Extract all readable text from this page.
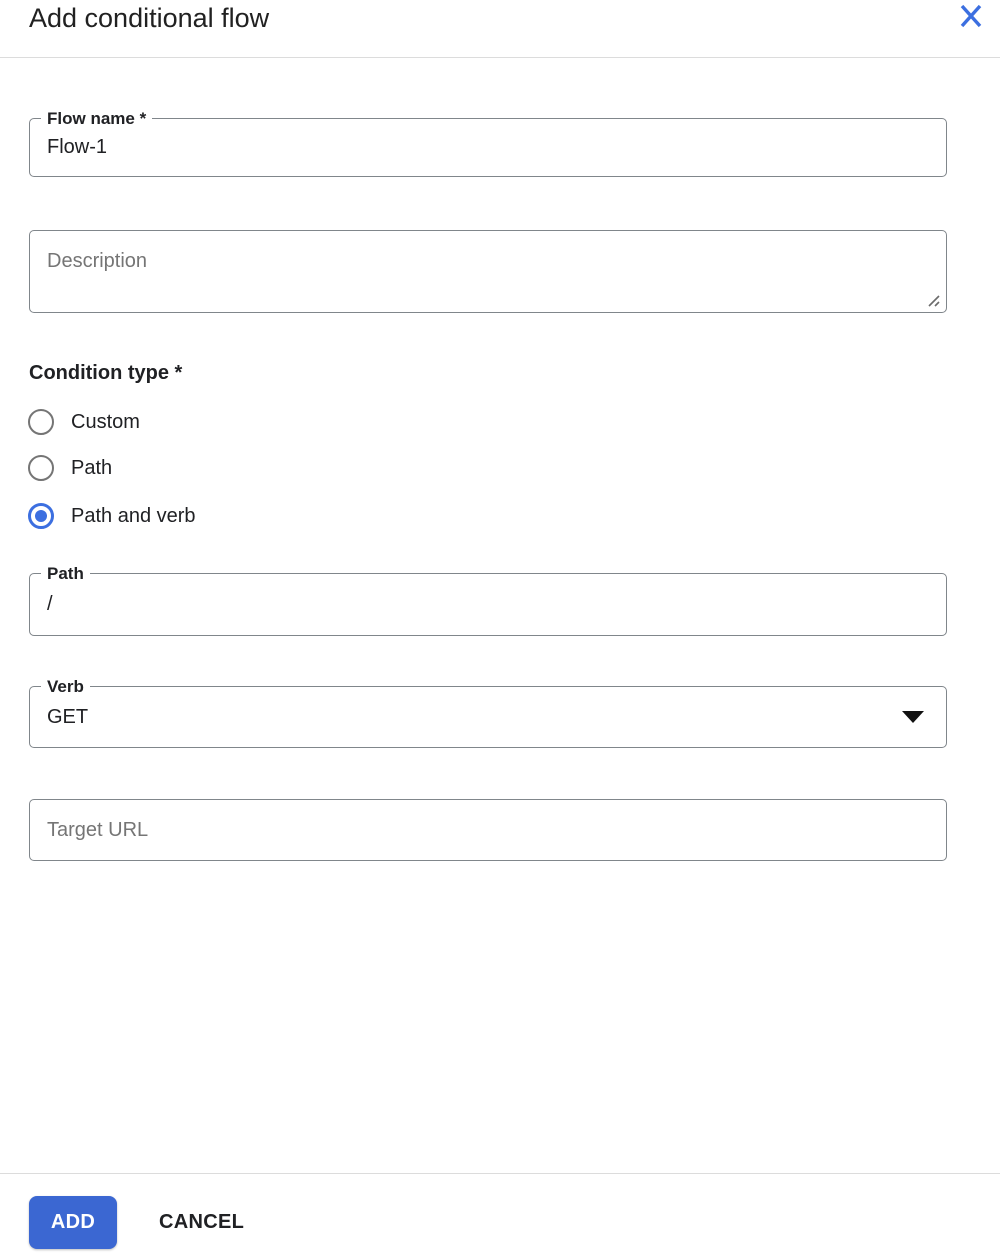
Add conditional flow
Flow name *
Flow-1
Description
Condition type *
Custom
Path
Path and verb
Path
/
Verb
GET
Target URL
ADD	CANCEL
